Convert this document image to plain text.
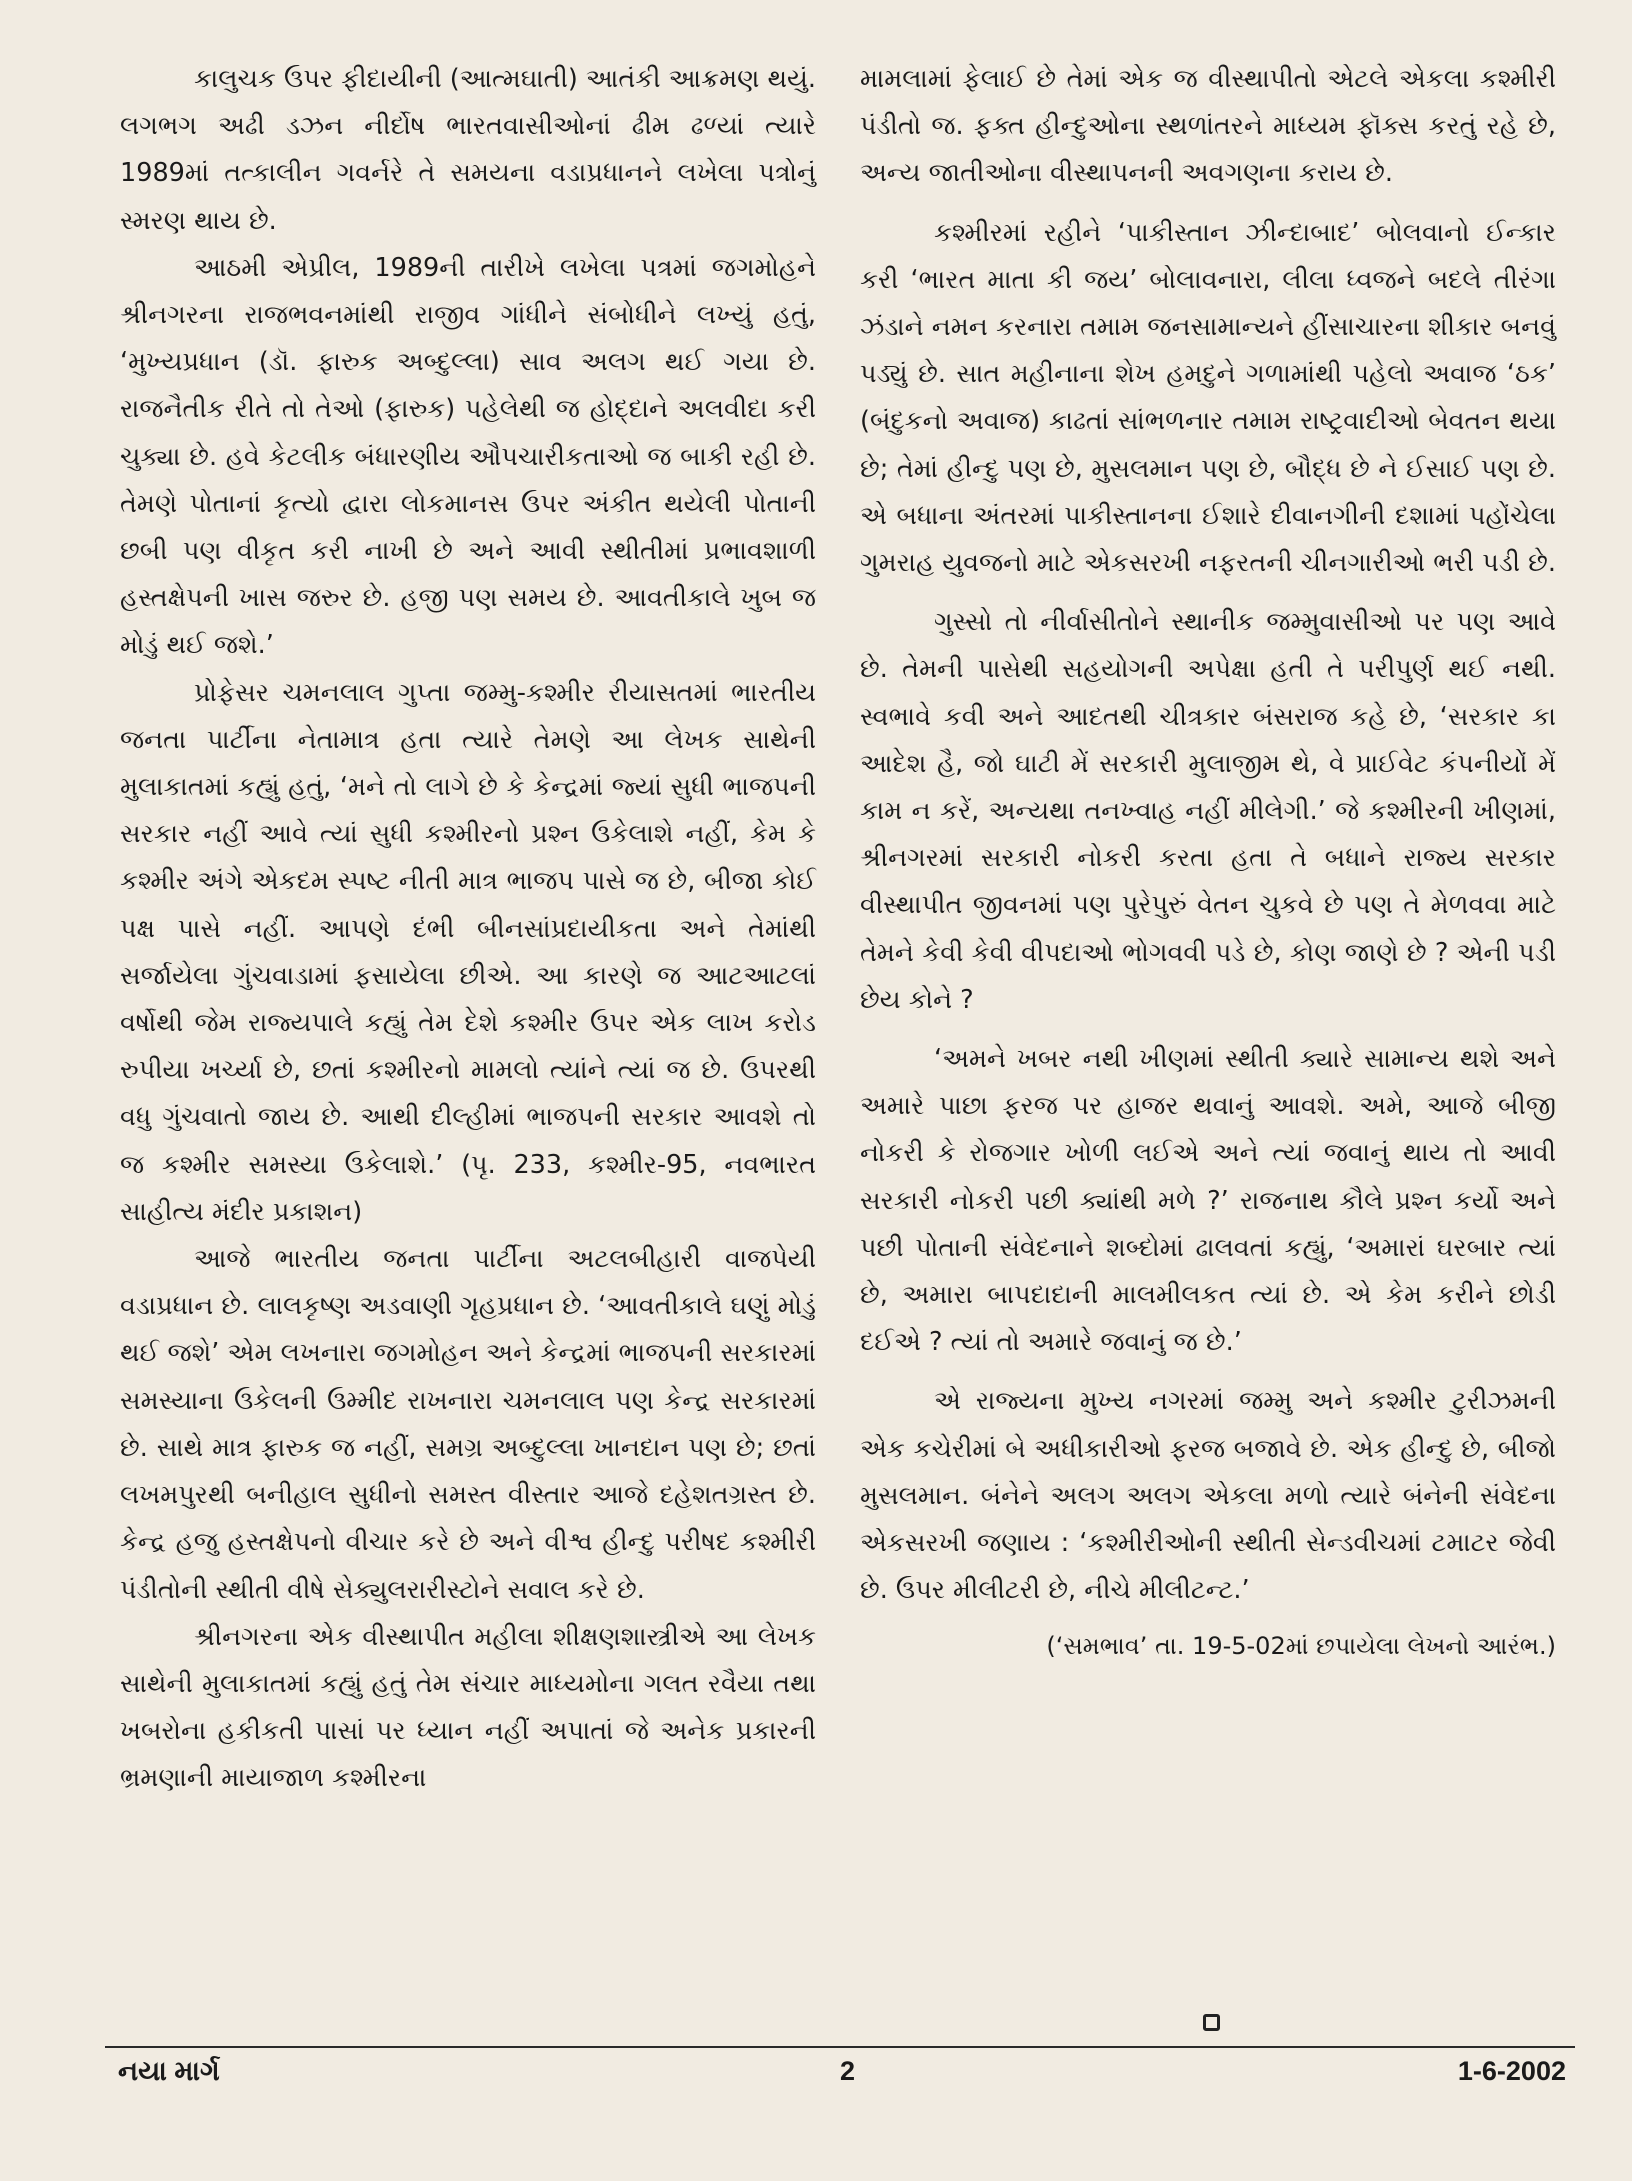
કાલુચક ઉપર ફીદાયીની (આત્મઘાતી) આતંકી આક્રમણ થયું. લગભગ અઢી ડઝન નીર્દોષ ભારતવાસીઓનાં ઢીમ ઢળ્યાં ત્યારે 1989માં તત્કાલીન ગવર્નરે તે સમયના વડાપ્રધાનને લખેલા પત્રોનું સ્મરણ થાય છે.

આઠમી એપ્રીલ, 1989ની તારીખે લખેલા પત્રમાં જગમોહને શ્રીનગરના રાજભવનમાંથી રાજીવ ગાંધીને સંબોધીને લખ્યું હતું, ‘મુખ્યપ્રધાન (ડૉ. ફારુક અબ્દુલ્લા) સાવ અલગ થઈ ગયા છે. રાજનૈતીક રીતે તો તેઓ (ફારુક) પહેલેથી જ હોદ્દાને અલવીદા કરી ચુક્યા છે. હવે કેટલીક બંધારણીય ઔપચારીકતાઓ જ બાકી રહી છે. તેમણે પોતાનાં કૃત્યો દ્વારા લોકમાનસ ઉપર અંકીત થયેલી પોતાની છબી પણ વીકૃત કરી નાખી છે અને આવી સ્થીતીમાં પ્રભાવશાળી હસ્તક્ષેપની ખાસ જરુર છે. હજી પણ સમય છે. આવતીકાલે ખુબ જ મોડું થઈ જશે.’

પ્રોફેસર ચમનલાલ ગુપ્તા જમ્મુ-કશ્મીર રીયાસતમાં ભારતીય જનતા પાર્ટીના નેતામાત્ર હતા ત્યારે તેમણે આ લેખક સાથેની મુલાકાતમાં કહ્યું હતું, ‘મને તો લાગે છે કે કેન્દ્રમાં જ્યાં સુધી ભાજપની સરકાર નહીં આવે ત્યાં સુધી કશ્મીરનો પ્રશ્ન ઉકેલાશે નહીં, કેમ કે કશ્મીર અંગે એકદમ સ્પષ્ટ નીતી માત્ર ભાજપ પાસે જ છે, બીજા કોઈ પક્ષ પાસે નહીં. આપણે દંભી બીનસાંપ્રદાયીકતા અને તેમાંથી સર્જાયેલા ગુંચવાડામાં ફસાયેલા છીએ. આ કારણે જ આટઆટલાં વર્ષોથી જેમ રાજ્યપાલે કહ્યું તેમ દેશે કશ્મીર ઉપર એક લાખ કરોડ રુપીયા ખર્ચ્યા છે, છતાં કશ્મીરનો મામલો ત્યાંને ત્યાં જ છે. ઉપરથી વધુ ગુંચવાતો જાય છે. આથી દીલ્હીમાં ભાજપની સરકાર આવશે તો જ કશ્મીર સમસ્યા ઉકેલાશે.’ (પૃ. 233, કશ્મીર-95, નવભારત સાહીત્ય મંદીર પ્રકાશન)

આજે ભારતીય જનતા પાર્ટીના અટલબીહારી વાજપેયી વડાપ્રધાન છે. લાલકૃષ્ણ અડવાણી ગૃહપ્રધાન છે. ‘આવતીકાલે ઘણું મોડું થઈ જશે’ એમ લખનારા જગમોહન અને કેન્દ્રમાં ભાજપની સરકારમાં સમસ્યાના ઉકેલની ઉમ્મીદ રાખનારા ચમનલાલ પણ કેન્દ્ર સરકારમાં છે. સાથે માત્ર ફારુક જ નહીં, સમગ્ર અબ્દુલ્લા ખાનદાન પણ છે; છતાં લખમપુરથી બનીહાલ સુધીનો સમસ્ત વીસ્તાર આજે દહેશતગ્રસ્ત છે. કેન્દ્ર હજુ હસ્તક્ષેપનો વીચાર કરે છે અને વીશ્વ હીન્દુ પરીષદ કશ્મીરી પંડીતોની સ્થીતી વીષે સેક્યુલરારીસ્ટોને સવાલ કરે છે.

શ્રીનગરના એક વીસ્થાપીત મહીલા શીક્ષણશાસ્ત્રીએ આ લેખક સાથેની મુલાકાતમાં કહ્યું હતું તેમ સંચાર માધ્યમોના ગલત રવૈયા તથા ખબરોના હકીકતી પાસાં પર ધ્યાન નહીં અપાતાં જે અનેક પ્રકારની ભ્રમણાની માયાજાળ કશ્મીરના

મામલામાં ફેલાઈ છે તેમાં એક જ વીસ્થાપીતો એટલે એકલા કશ્મીરી પંડીતો જ. ફક્ત હીન્દુઓના સ્થળાંતરને માધ્યમ ફૉક્સ કરતું રહે છે, અન્ય જાતીઓના વીસ્થાપનની અવગણના કરાય છે.

કશ્મીરમાં રહીને ‘પાકીસ્તાન ઝીન્દાબાદ’ બોલવાનો ઈન્કાર કરી ‘ભારત માતા કી જય’ બોલાવનારા, લીલા ધ્વજને બદલે તીરંગા ઝંડાને નમન કરનારા તમામ જનસામાન્યને હીંસાચારના શીકાર બનવું પડ્યું છે. સાત મહીનાના શેખ હમદુને ગળામાંથી પહેલો અવાજ ‘ઠક’ (બંદુકનો અવાજ) કાઢતાં સાંભળનાર તમામ રાષ્ટ્રવાદીઓ બેવતન થયા છે; તેમાં હીન્દુ પણ છે, મુસલમાન પણ છે, બૌદ્ધ છે ને ઈસાઈ પણ છે. એ બધાના અંતરમાં પાકીસ્તાનના ઈશારે દીવાનગીની દશામાં પહોંચેલા ગુમરાહ યુવજનો માટે એકસરખી નફરતની ચીનગારીઓ ભરી પડી છે.

ગુસ્સો તો નીર્વાસીતોને સ્થાનીક જમ્મુવાસીઓ પર પણ આવે છે. તેમની પાસેથી સહયોગની અપેક્ષા હતી તે પરીપુર્ણ થઈ નથી. સ્વભાવે કવી અને આદતથી ચીત્રકાર બંસરાજ કહે છે, ‘સરકાર કા આદેશ હૈ, જો ઘાટી મેં સરકારી મુલાજીમ થે, વે પ્રાઈવેટ કંપનીયોં મેં કામ ન કરેં, અન્યથા તનખ્વાહ નહીં મીલેગી.’ જે કશ્મીરની ખીણમાં, શ્રીનગરમાં સરકારી નોકરી કરતા હતા તે બધાને રાજ્ય સરકાર વીસ્થાપીત જીવનમાં પણ પુરેપુરું વેતન ચુકવે છે પણ તે મેળવવા માટે તેમને કેવી કેવી વીપદાઓ ભોગવવી પડે છે, કોણ જાણે છે ? એની પડી છેય કોને ?

‘અમને ખબર નથી ખીણમાં સ્થીતી ક્યારે સામાન્ય થશે અને અમારે પાછા ફરજ પર હાજર થવાનું આવશે. અમે, આજે બીજી નોકરી કે રોજગાર ખોળી લઈએ અને ત્યાં જવાનું થાય તો આવી સરકારી નોકરી પછી ક્યાંથી મળે ?’ રાજનાથ કૌલે પ્રશ્ન કર્યો અને પછી પોતાની સંવેદનાને શબ્દોમાં ઢાલવતાં કહ્યું, ‘અમારાં ઘરબાર ત્યાં છે, અમારા બાપદાદાની માલમીલકત ત્યાં છે. એ કેમ કરીને છોડી દઈએ ? ત્યાં તો અમારે જવાનું જ છે.’

એ રાજ્યના મુખ્ય નગરમાં જમ્મુ અને કશ્મીર ટુરીઝમની એક કચેરીમાં બે અધીકારીઓ ફરજ બજાવે છે. એક હીન્દુ છે, બીજો મુસલમાન. બંનેને અલગ અલગ એકલા મળો ત્યારે બંનેની સંવેદના એકસરખી જણાય : ‘કશ્મીરીઓની સ્થીતી સેન્ડવીચમાં ટમાટર જેવી છે. ઉપર મીલીટરી છે, નીચે મીલીટન્ટ.’

(‘સમભાવ’ તા. 19-5-02માં છપાયેલા લેખનો આરંભ.)

નયા માર્ગ	2	1-6-2002
